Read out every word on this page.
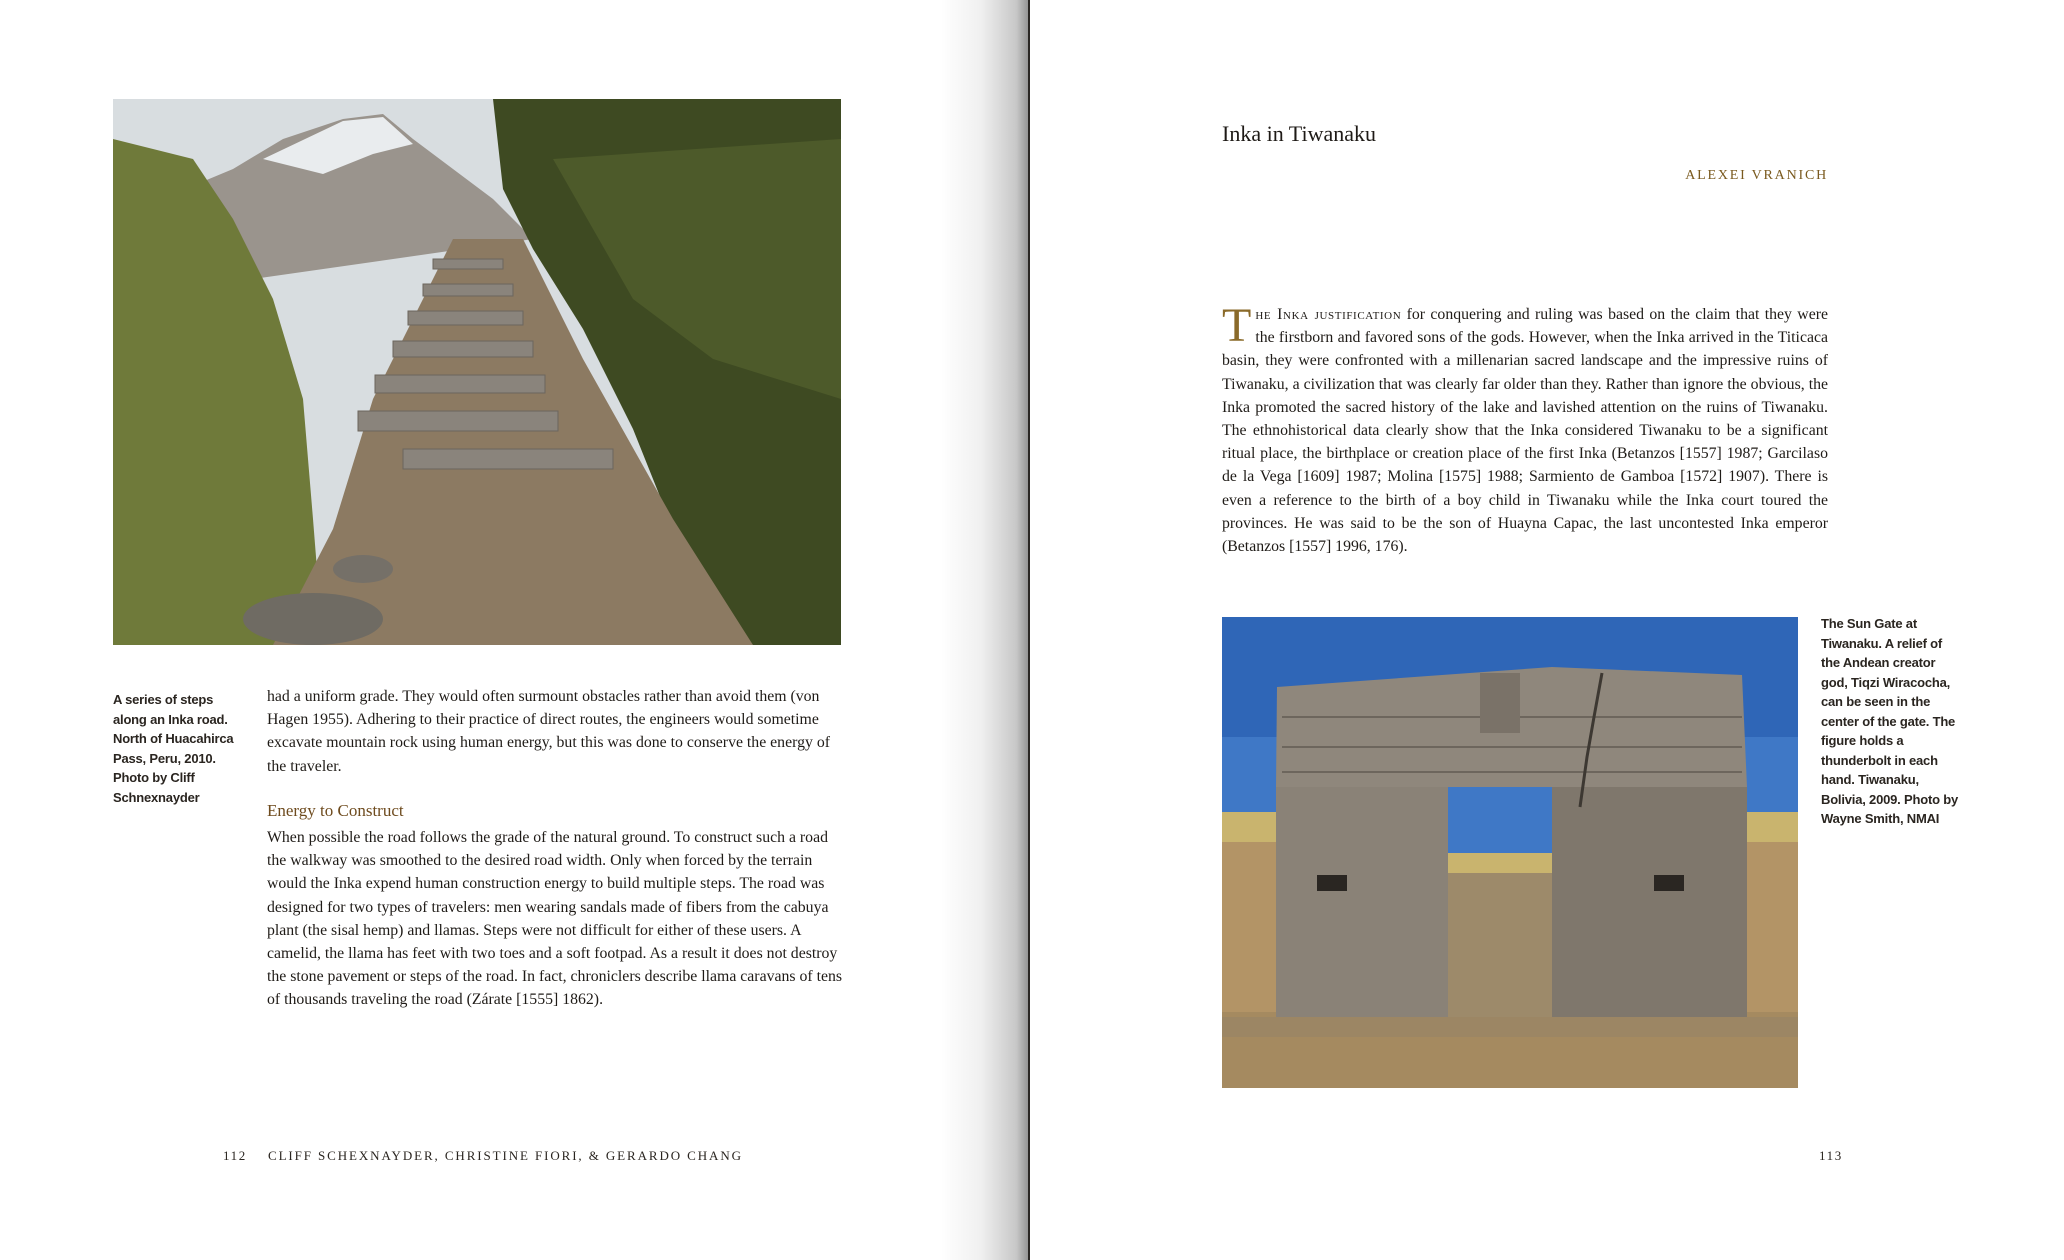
A series of steps along an Inka road. North of Huacahirca Pass, Peru, 2010. Photo by Cliff Schnexnayder
had a uniform grade. They would often surmount obstacles rather than avoid them (von Hagen 1955). Adhering to their practice of direct routes, the engineers would sometime excavate mountain rock using human energy, but this was done to conserve the energy of the traveler.
Energy to Construct
When possible the road follows the grade of the natural ground. To construct such a road the walkway was smoothed to the desired road width. Only when forced by the terrain would the Inka expend human construction energy to build multiple steps. The road was designed for two types of travelers: men wearing sandals made of fibers from the cabuya plant (the sisal hemp) and llamas. Steps were not difficult for either of these users. A camelid, the llama has feet with two toes and a soft footpad. As a result it does not destroy the stone pavement or steps of the road. In fact, chroniclers describe llama caravans of tens of thousands traveling the road (Zárate [1555] 1862).
112 CLIFF SCHEXNAYDER, CHRISTINE FIORI, & GERARDO CHANG
Inka in Tiwanaku
ALEXEI VRANICH
The Inka justification for conquering and ruling was based on the claim that they were the firstborn and favored sons of the gods. However, when the Inka arrived in the Titicaca basin, they were confronted with a millenarian sacred landscape and the impressive ruins of Tiwanaku, a civilization that was clearly far older than they. Rather than ignore the obvious, the Inka promoted the sacred history of the lake and lavished attention on the ruins of Tiwanaku. The ethnohistorical data clearly show that the Inka considered Tiwanaku to be a significant ritual place, the birthplace or creation place of the first Inka (Betanzos [1557] 1987; Garcilaso de la Vega [1609] 1987; Molina [1575] 1988; Sarmiento de Gamboa [1572] 1907). There is even a reference to the birth of a boy child in Tiwanaku while the Inka court toured the provinces. He was said to be the son of Huayna Capac, the last uncontested Inka emperor (Betanzos [1557] 1996, 176).
The Sun Gate at Tiwanaku. A relief of the Andean creator god, Tiqzi Wiracocha, can be seen in the center of the gate. The figure holds a thunderbolt in each hand. Tiwanaku, Bolivia, 2009. Photo by Wayne Smith, NMAI
113
